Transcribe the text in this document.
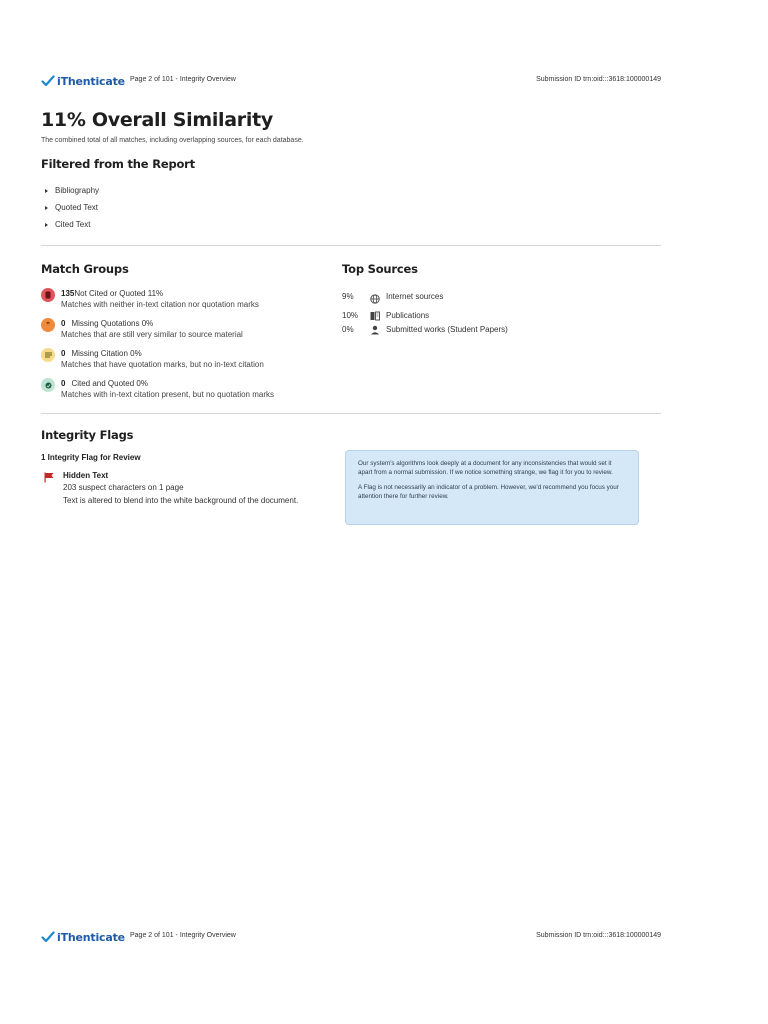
iThenticate Page 2 of 101 - Integrity Overview	Submission ID trn:oid:::3618:100000149
11% Overall Similarity

The combined total of all matches, including overlapping sources, for each database.

Filtered from the Report
Bibliography
Quoted Text
Cited Text
Match Groups
135Not Cited or Quoted 11%
Matches with neither in-text citation nor quotation marks
”	0 Missing Quotations 0%
Matches that are still very similar to source material
0 Missing Citation 0%
Matches that have quotation marks, but no in-text citation
0 Cited and Quoted 0%
Matches with in-text citation present, but no quotation marks
Top Sources
9%	Internet sources
10%	Publications
0%	Submitted works (Student Papers)
Integrity Flags
1 Integrity Flag for Review
Hidden Text
203 suspect characters on 1 page
Text is altered to blend into the white background of the document.

Our system's algorithms look deeply at a document for any inconsistencies that would set it apart from a normal submission. If we notice something strange, we flag it for you to review.

A Flag is not necessarily an indicator of a problem. However, we'd recommend you focus your attention there for further review.

iThenticate Page 2 of 101 - Integrity Overview	Submission ID trn:oid:::3618:100000149
